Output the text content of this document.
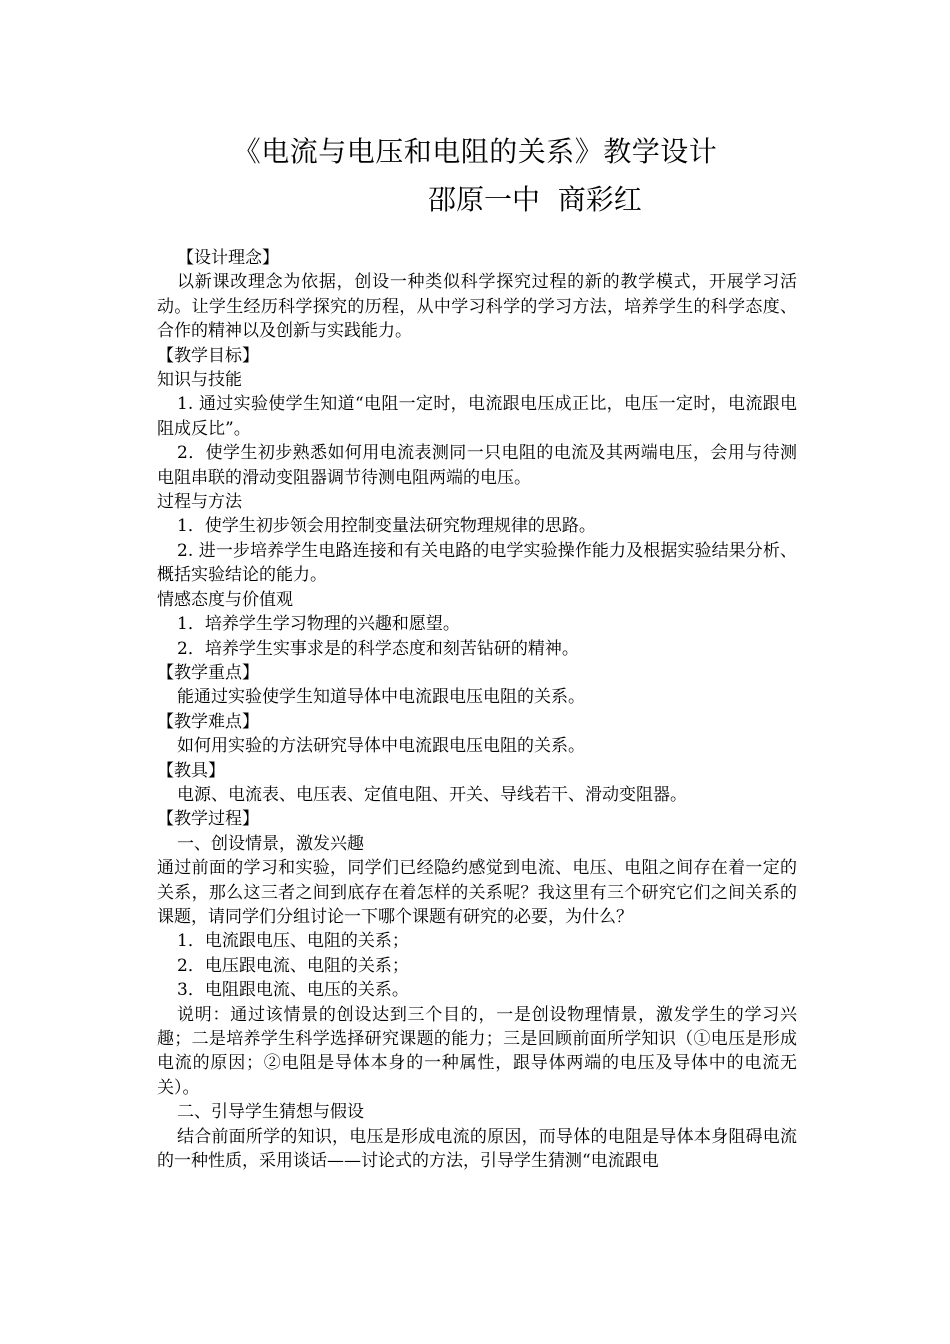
《电流与电压和电阻的关系》教学设计
邵原一中  商彩红

【设计理念】

以新课改理念为依据，创设一种类似科学探究过程的新的教学模式，开展学习活动。让学生经历科学探究的历程，从中学习科学的学习方法，培养学生的科学态度、合作的精神以及创新与实践能力。

【教学目标】

知识与技能

1. 通过实验使学生知道“电阻一定时，电流跟电压成正比，电压一定时，电流跟电阻成反比”。

2．使学生初步熟悉如何用电流表测同一只电阻的电流及其两端电压，会用与待测电阻串联的滑动变阻器调节待测电阻两端的电压。

过程与方法

1．使学生初步领会用控制变量法研究物理规律的思路。

2. 进一步培养学生电路连接和有关电路的电学实验操作能力及根据实验结果分析、概括实验结论的能力。

情感态度与价值观

1．培养学生学习物理的兴趣和愿望。

2．培养学生实事求是的科学态度和刻苦钻研的精神。

【教学重点】

能通过实验使学生知道导体中电流跟电压电阻的关系。

【教学难点】

如何用实验的方法研究导体中电流跟电压电阻的关系。

【教具】

电源、电流表、电压表、定值电阻、开关、导线若干、滑动变阻器。

【教学过程】

一、创设情景，激发兴趣

通过前面的学习和实验，同学们已经隐约感觉到电流、电压、电阻之间存在着一定的关系，那么这三者之间到底存在着怎样的关系呢？我这里有三个研究它们之间关系的课题，请同学们分组讨论一下哪个课题有研究的必要，为什么？

1．电流跟电压、电阻的关系；

2．电压跟电流、电阻的关系；

3．电阻跟电流、电压的关系。

说明：通过该情景的创设达到三个目的，一是创设物理情景，激发学生的学习兴趣；二是培养学生科学选择研究课题的能力；三是回顾前面所学知识（①电压是形成电流的原因；②电阻是导体本身的一种属性，跟导体两端的电压及导体中的电流无关）。

二、引导学生猜想与假设

结合前面所学的知识，电压是形成电流的原因，而导体的电阻是导体本身阻碍电流的一种性质，采用谈话——讨论式的方法，引导学生猜测“电流跟电
